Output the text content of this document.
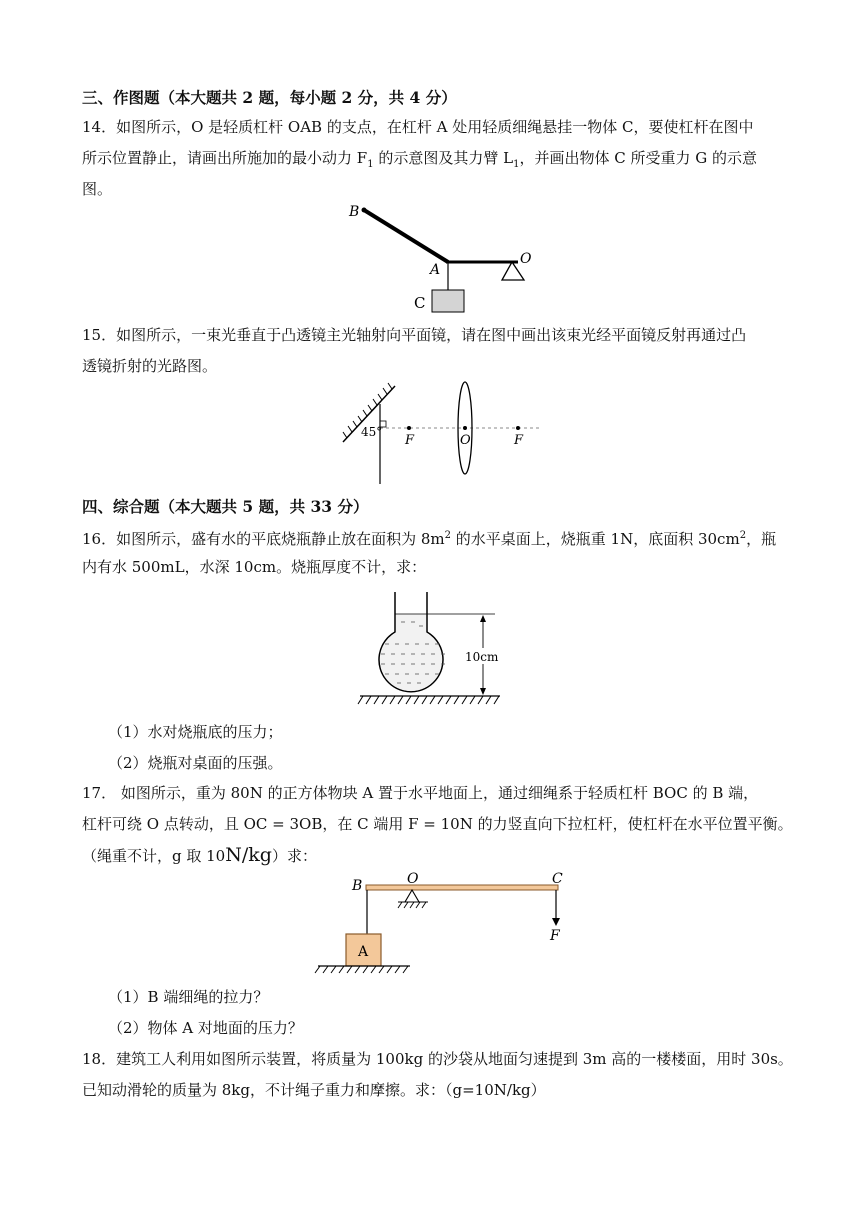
三、作图题（本大题共 2 题，每小题 2 分，共 4 分）
14．如图所示，O 是轻质杠杆 OAB 的支点，在杠杆 A 处用轻质细绳悬挂一物体 C，要使杠杆在图中
所示位置静止，请画出所施加的最小动力 $F_1$ 的示意图及其力臂 $L_1$，并画出物体 C 所受重力 G 的示意
图。
B
A
O
C
15．如图所示，一束光垂直于凸透镜主光轴射向平面镜，请在图中画出该束光经平面镜反射再通过凸
透镜折射的光路图。
45°
F	O	F
四、综合题（本大题共 5 题，共 33 分）
16．如图所示，盛有水的平底烧瓶静止放在面积为 $8m^2$ 的水平桌面上，烧瓶重 1N，底面积 $30cm^2$，瓶
内有水 500mL，水深 10cm。烧瓶厚度不计，求：
10cm
（1）水对烧瓶底的压力；
（2）烧瓶对桌面的压强。
17． 如图所示，重为 80N 的正方体物块 A 置于水平地面上，通过细绳系于轻质杠杆 BOC 的 B 端，
杠杆可绕 O 点转动，且 OC = 3OB，在 C 端用 F = 10N 的力竖直向下拉杠杆，使杠杆在水平位置平衡。
（绳重不计，g 取 10N/kg）求：
B	O	C
F
A
（1）B 端细绳的拉力？
（2）物体 A 对地面的压力？
18．建筑工人利用如图所示装置，将质量为 100kg 的沙袋从地面匀速提到 3m 高的一楼楼面，用时 30s。
已知动滑轮的质量为 8kg，不计绳子重力和摩擦。求：（g=10N/kg）
